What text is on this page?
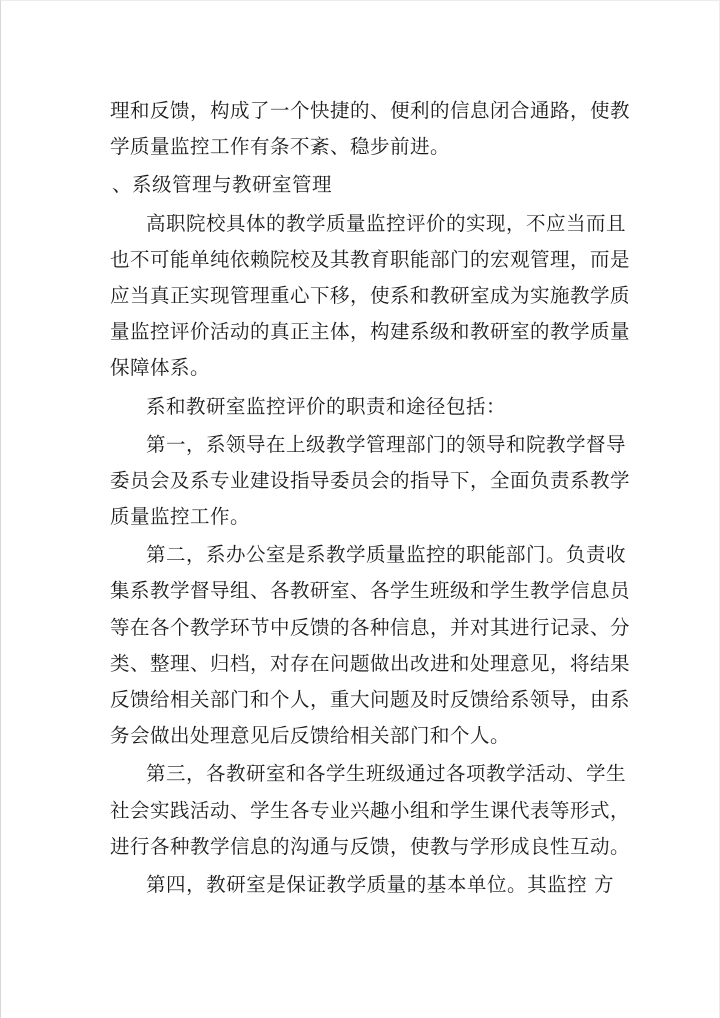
理和反馈，构成了一个快捷的、便利的信息闭合通路，使教
学质量监控工作有条不紊、稳步前进。
、系级管理与教研室管理
高职院校具体的教学质量监控评价的实现，不应当而且
也不可能单纯依赖院校及其教育职能部门的宏观管理，而是
应当真正实现管理重心下移，使系和教研室成为实施教学质
量监控评价活动的真正主体，构建系级和教研室的教学质量
保障体系。
系和教研室监控评价的职责和途径包括：
第一，系领导在上级教学管理部门的领导和院教学督导
委员会及系专业建设指导委员会的指导下，全面负责系教学
质量监控工作。
第二，系办公室是系教学质量监控的职能部门。负责收
集系教学督导组、各教研室、各学生班级和学生教学信息员
等在各个教学环节中反馈的各种信息，并对其进行记录、分
类、整理、归档，对存在问题做出改进和处理意见，将结果
反馈给相关部门和个人，重大问题及时反馈给系领导，由系
务会做出处理意见后反馈给相关部门和个人。
第三，各教研室和各学生班级通过各项教学活动、学生
社会实践活动、学生各专业兴趣小组和学生课代表等形式，
进行各种教学信息的沟通与反馈，使教与学形成良性互动。
第四，教研室是保证教学质量的基本单位。其监控 方
